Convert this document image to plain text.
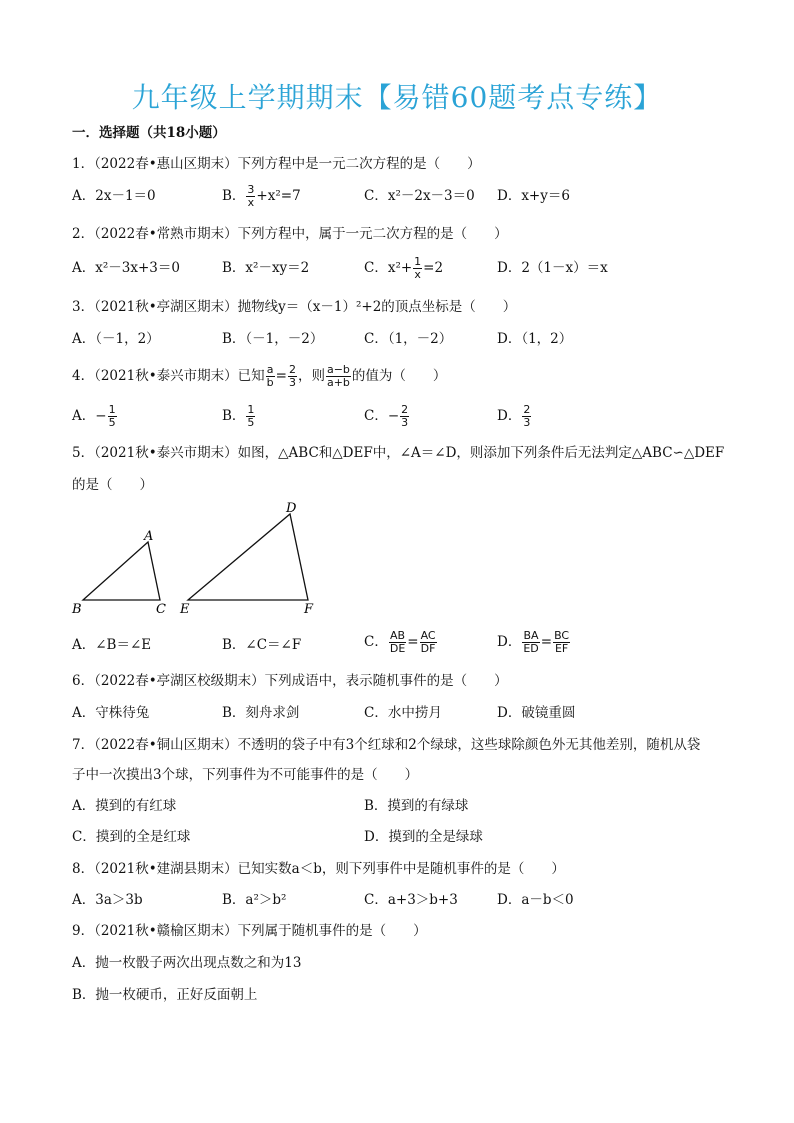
九年级上学期期末【易错60题考点专练】
一．选择题（共18小题）
1．（2022春•惠山区期末）下列方程中是一元二次方程的是（　　）
A．2x－1＝0	B． $\frac{3}{x} +x^2=7$	C．x²－2x－3＝0 D．x+y＝6
2．（2022春•常熟市期末）下列方程中，属于一元二次方程的是（　　）
A．x²－3x+3＝0	B．x²－xy＝2	C．$x^2+ \frac{1}{x} =2$	D．2（1－x）＝x
3．（2021秋•亭湖区期末）抛物线y＝（x－1）²+2的顶点坐标是（　　）
A．（－1，2）	B．（－1，－2）	C．（1，－2）	D．（1，2）
4．（2021秋•泰兴市期末）已知 $\frac{a}{b} = \frac{2}{3}$ ，则 $\frac{a-b}{a+b}$ 的值为（　　）
A．− $\frac{1}{5}$	B． $\frac{1}{5}$	C．− $\frac{2}{3}$	D． $\frac{2}{3}$
5．（2021秋•泰兴市期末）如图，△ABC和△DEF中，∠A＝∠D，则添加下列条件后无法判定△ABC∽△DEF
的是（　　）
A
B	C
D
E	F
A．∠B＝∠E	B．∠C＝∠F	C． $\frac{AB}{DE} = \frac{AC}{DF}$	D． $\frac{BA}{ED} = \frac{BC}{EF}$
6．（2022春•亭湖区校级期末）下列成语中，表示随机事件的是（　　）
A．守株待兔	B．刻舟求剑	C．水中捞月	D．破镜重圆
7．（2022春•铜山区期末）不透明的袋子中有3个红球和2个绿球，这些球除颜色外无其他差别，随机从袋
子中一次摸出3个球，下列事件为不可能事件的是（　　）
A．摸到的有红球	B．摸到的有绿球
C．摸到的全是红球	D．摸到的全是绿球
8．（2021秋•建湖县期末）已知实数a＜b，则下列事件中是随机事件的是（　　）
A．3a＞3b	B．a²＞b²	C．a+3＞b+3	D．a－b＜0
9．（2021秋•赣榆区期末）下列属于随机事件的是（　　）
A．抛一枚骰子两次出现点数之和为13
B．抛一枚硬币，正好反面朝上
